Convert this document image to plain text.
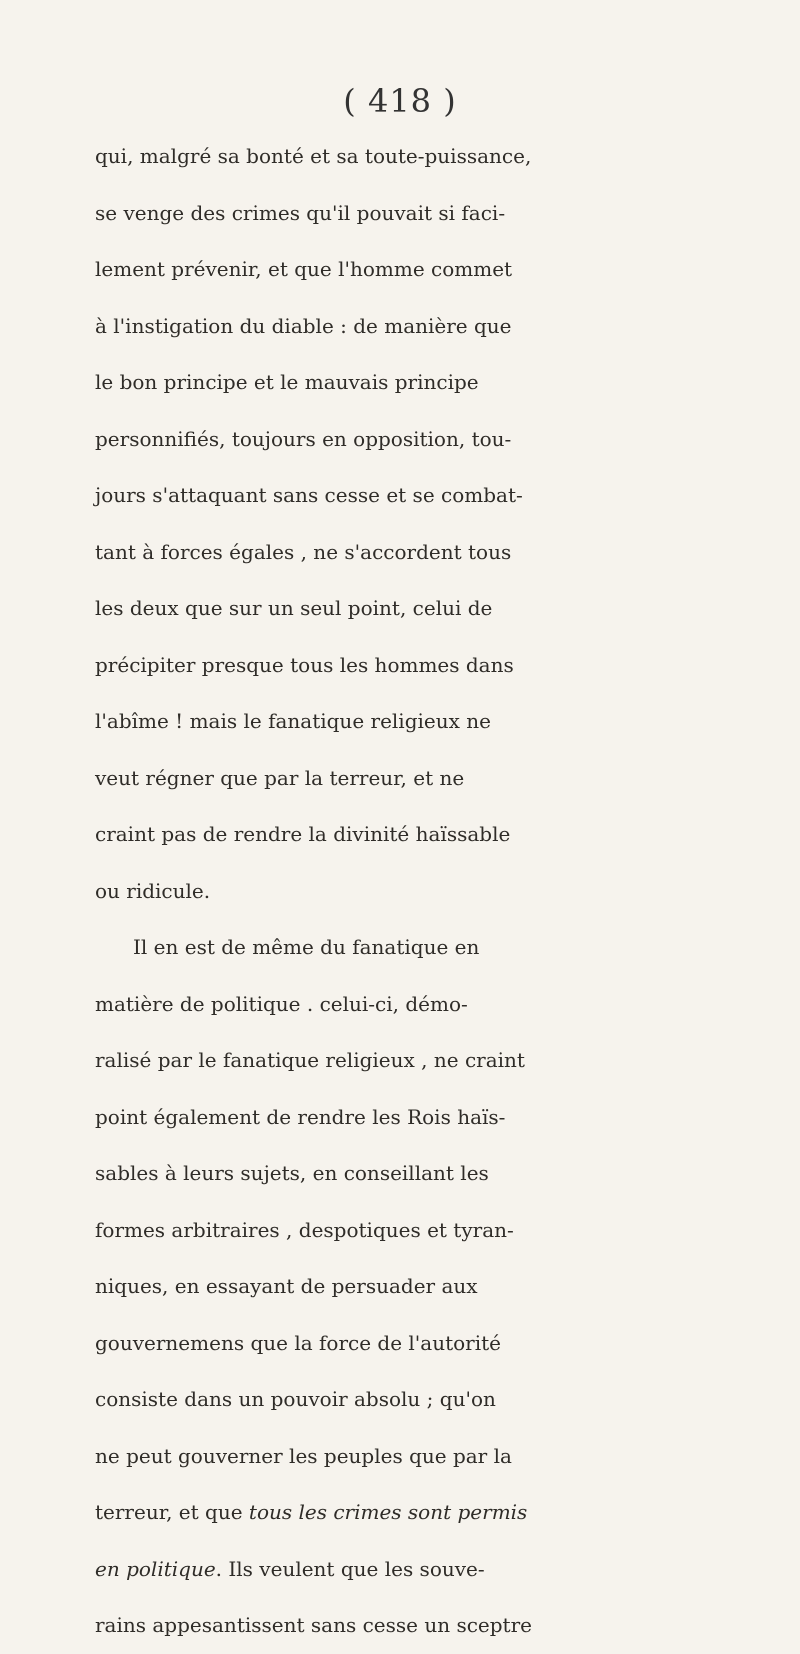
( 418 )
qui, malgré sa bonté et sa toute-puissance,
se venge des crimes qu'il pouvait si faci-
lement prévenir, et que l'homme commet
à l'instigation du diable : de manière que
le bon principe et le mauvais principe
personnifiés, toujours en opposition, tou-
jours s'attaquant sans cesse et se combat-
tant à forces égales , ne s'accordent tous
les deux que sur un seul point, celui de
précipiter presque tous les hommes dans
l'abîme ! mais le fanatique religieux ne
veut régner que par la terreur, et ne
craint pas de rendre la divinité haïssable
ou ridicule.
Il en est de même du fanatique en
matière de politique . celui-ci, démo-
ralisé par le fanatique religieux , ne craint
point également de rendre les Rois haïs-
sables à leurs sujets, en conseillant les
formes arbitraires , despotiques et tyran-
niques, en essayant de persuader aux
gouvernemens que la force de l'autorité
consiste dans un pouvoir absolu ; qu'on
ne peut gouverner les peuples que par la
terreur, et que tous les crimes sont permis
en politique. Ils veulent que les souve-
rains appesantissent sans cesse un sceptre
